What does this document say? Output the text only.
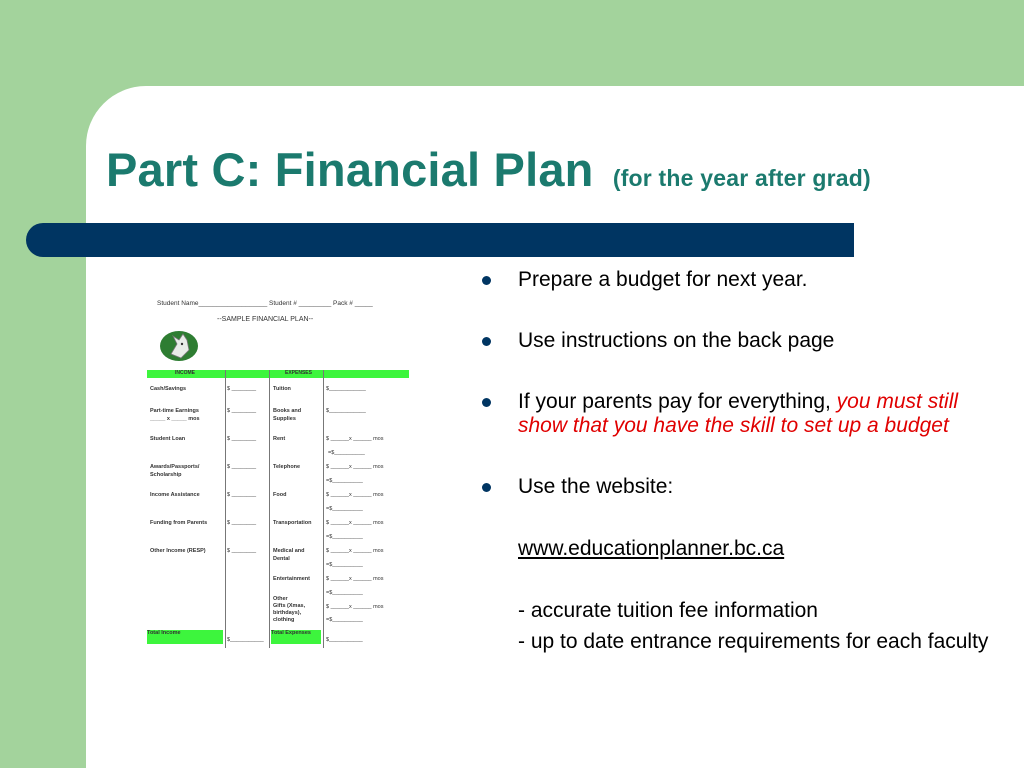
Part C: Financial Plan (for the year after grad)
Student Name___________________ Student # _________ Pack # _____
--SAMPLE FINANCIAL PLAN--
INCOME	EXPENSES
Cash/Savings
Part-time Earnings
_____ x _____ mos
Student Loan
Awards/Passports/
Scholarship
Income Assistance
Funding from Parents
Other Income (RESP)
$ ________
$ ________
$ ________
$ ________
$ ________
$ ________
$ ________
Tuition
Books and
Supplies
Rent
Telephone
Food
Transportation
Medical and
Dental
Entertainment
Other
Gifts (Xmas,
birthdays),
clothing
$____________
$____________
$ ______x ______ mos
=$__________
$ ______x ______ mos
=$__________
$ ______x ______ mos
=$__________
$ ______x ______ mos
=$__________
$ ______x ______ mos
=$__________
$ ______x ______ mos
=$__________
$ ______x ______ mos
=$__________
Total Income
$___________
Total Expenses
$___________
Prepare a budget for next year.
Use instructions on the back page
If your parents pay for everything, you must still show that you have the skill to set up a budget
Use the website:
www.educationplanner.bc.ca
- accurate tuition fee information
- up to date entrance requirements for each faculty
